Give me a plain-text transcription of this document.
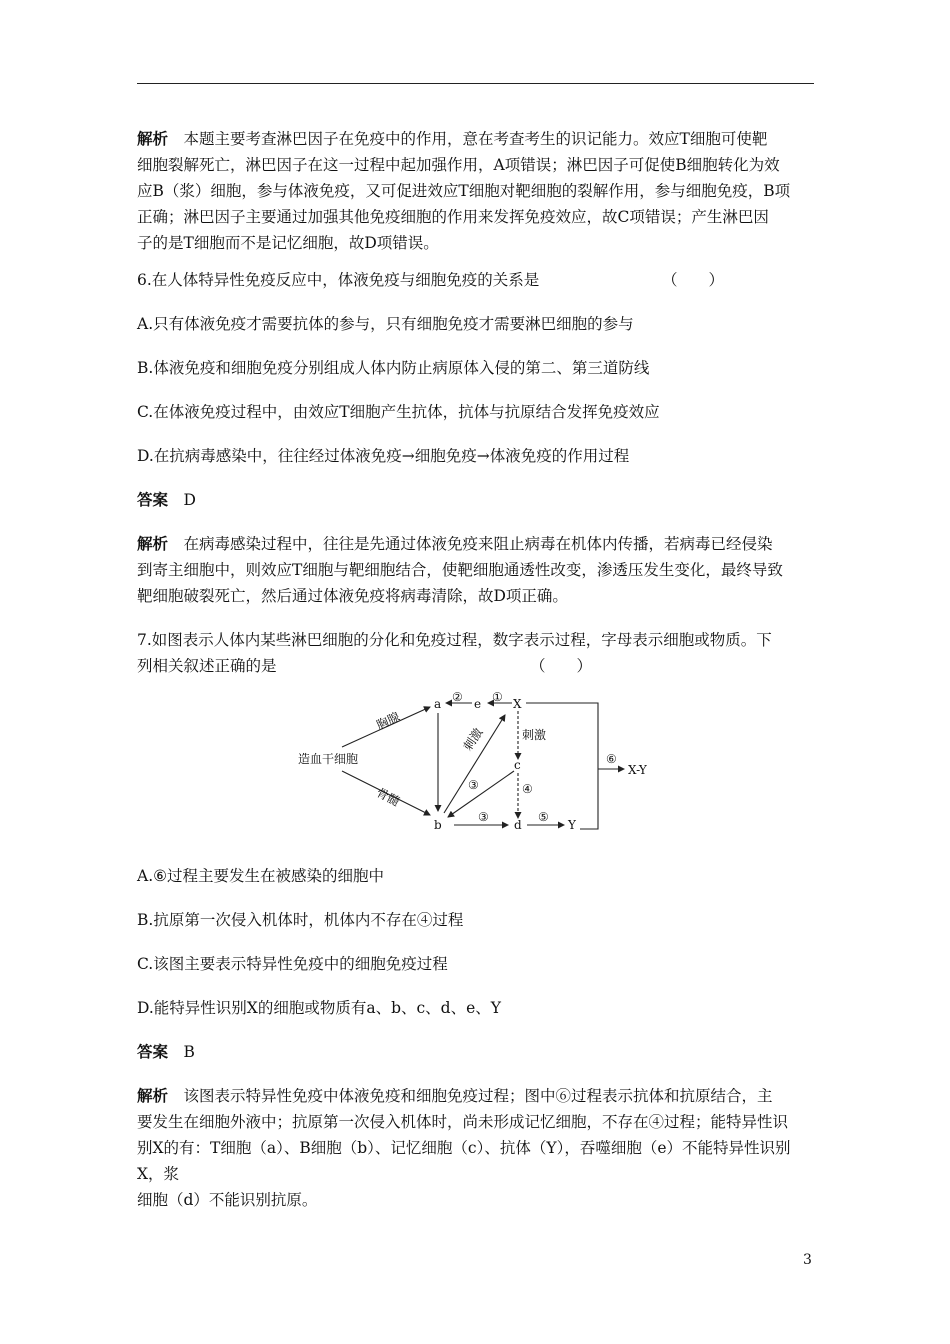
解析　 本题主要考查淋巴因子在免疫中的作用，意在考查考生的识记能力。效应T细胞可使靶
细胞裂解死亡，淋巴因子在这一过程中起加强作用，A项错误；淋巴因子可促使B细胞转化为效
应B（浆）细胞，参与体液免疫，又可促进效应T细胞对靶细胞的裂解作用，参与细胞免疫，B项
正确；淋巴因子主要通过加强其他免疫细胞的作用来发挥免疫效应，故C项错误；产生淋巴因
子的是T细胞而不是记忆细胞，故D项错误。
6.在人体特异性免疫反应中，体液免疫与细胞免疫的关系是	（　　）
A.只有体液免疫才需要抗体的参与，只有细胞免疫才需要淋巴细胞的参与
B.体液免疫和细胞免疫分别组成人体内防止病原体入侵的第二、第三道防线
C.在体液免疫过程中，由效应T细胞产生抗体，抗体与抗原结合发挥免疫效应
D.在抗病毒感染中，往往经过体液免疫→细胞免疫→体液免疫的作用过程
答案　 D
解析　 在病毒感染过程中，往往是先通过体液免疫来阻止病毒在机体内传播，若病毒已经侵染
到寄主细胞中，则效应T细胞与靶细胞结合，使靶细胞通透性改变，渗透压发生变化，最终导致
靶细胞破裂死亡，然后通过体液免疫将病毒清除，故D项正确。
7.如图表示人体内某些淋巴细胞的分化和免疫过程，数字表示过程，字母表示细胞或物质。下
列相关叙述正确的是	（　　）
造血干细胞
胸腺
骨髓
刺激	刺激
a	e	X
c
b	d	Y
X-Y
①
②
③
③
④
⑤
⑥
A.⑥过程主要发生在被感染的细胞中
B.抗原第一次侵入机体时，机体内不存在④过程
C.该图主要表示特异性免疫中的细胞免疫过程
D.能特异性识别X的细胞或物质有a、b、c、d、e、Y
答案　 B
解析　 该图表示特异性免疫中体液免疫和细胞免疫过程；图中⑥过程表示抗体和抗原结合，主
要发生在细胞外液中；抗原第一次侵入机体时，尚未形成记忆细胞，不存在④过程；能特异性识
别X的有：T细胞（a）、B细胞（b）、记忆细胞（c）、抗体（Y），吞噬细胞（e）不能特异性识别X，浆
细胞（d）不能识别抗原。
3
